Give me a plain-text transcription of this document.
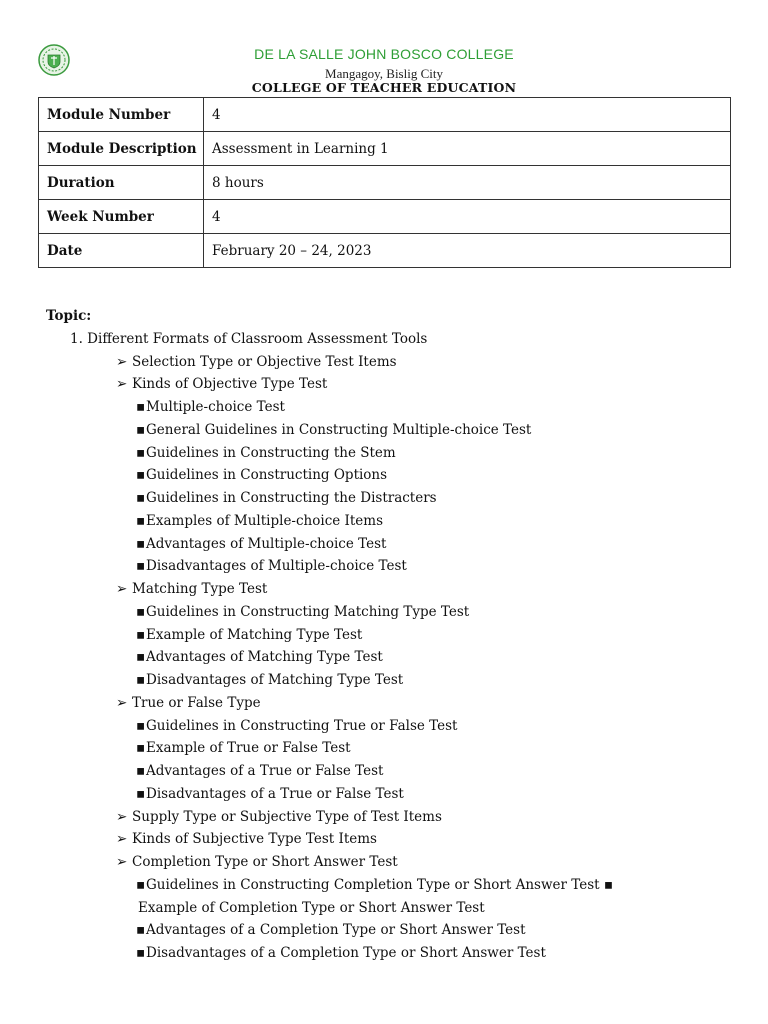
DE LA SALLE JOHN BOSCO COLLEGE
Mangagoy, Bislig City
COLLEGE OF TEACHER EDUCATION
Module Number	4
Module Description	Assessment in Learning 1
Duration	8 hours
Week Number	4
Date	February 20 – 24, 2023
Topic:
1. Different Formats of Classroom Assessment Tools
➢ Selection Type or Objective Test Items
➢ Kinds of Objective Type Test
▪Multiple-choice Test
▪General Guidelines in Constructing Multiple-choice Test
▪Guidelines in Constructing the Stem
▪Guidelines in Constructing Options
▪Guidelines in Constructing the Distracters
▪Examples of Multiple-choice Items
▪Advantages of Multiple-choice Test
▪Disadvantages of Multiple-choice Test
➢ Matching Type Test
▪Guidelines in Constructing Matching Type Test
▪Example of Matching Type Test
▪Advantages of Matching Type Test
▪Disadvantages of Matching Type Test
➢ True or False Type
▪Guidelines in Constructing True or False Test
▪Example of True or False Test
▪Advantages of a True or False Test
▪Disadvantages of a True or False Test
➢ Supply Type or Subjective Type of Test Items
➢ Kinds of Subjective Type Test Items
➢ Completion Type or Short Answer Test
▪Guidelines in Constructing Completion Type or Short Answer Test ▪
Example of Completion Type or Short Answer Test
▪Advantages of a Completion Type or Short Answer Test
▪Disadvantages of a Completion Type or Short Answer Test
